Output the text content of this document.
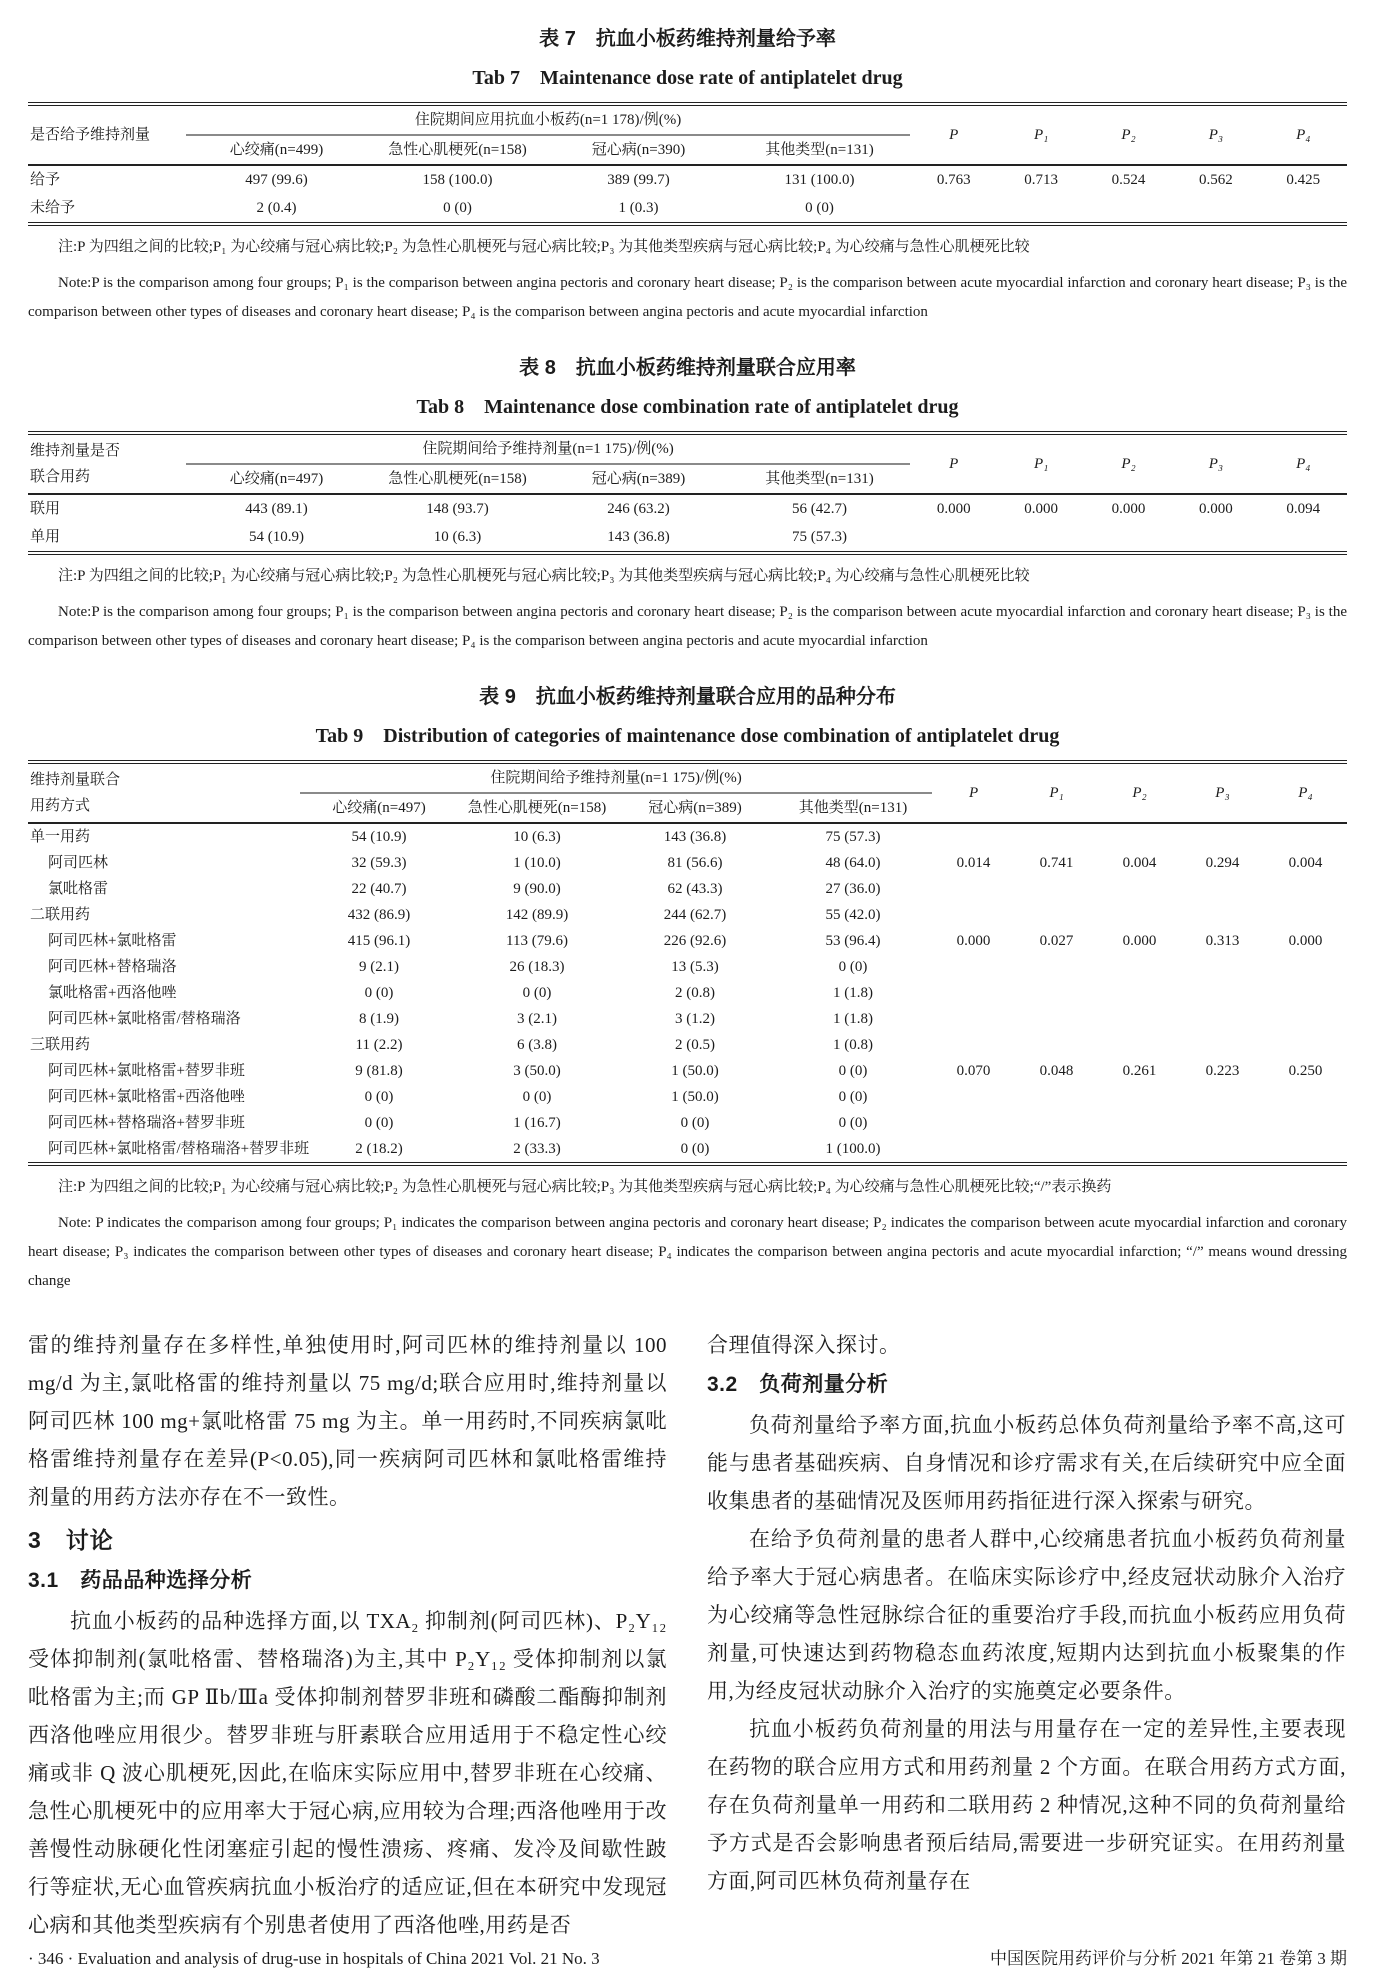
表 7　抗血小板药维持剂量给予率
Tab 7　Maintenance dose rate of antiplatelet drug
是否给予维持剂量	住院期间应用抗血小板药(n=1 178)/例(%)				P	P₁	P₂	P₃	P₄
	心绞痛(n=499)	急性心肌梗死(n=158)	冠心病(n=390)	其他类型(n=131)					
给予	497 (99.6)	158 (100.0)	389 (99.7)	131 (100.0)	0.763	0.713	0.524	0.562	0.425
未给予	2 (0.4)	0 (0)	1 (0.3)	0 (0)					

注:P 为四组之间的比较;P₁ 为心绞痛与冠心病比较;P₂ 为急性心肌梗死与冠心病比较;P₃ 为其他类型疾病与冠心病比较;P₄ 为心绞痛与急性心肌梗死比较

Note:P is the comparison among four groups; P₁ is the comparison between angina pectoris and coronary heart disease; P₂ is the comparison between acute myocardial infarction and coronary heart disease; P₃ is the comparison between other types of diseases and coronary heart disease; P₄ is the comparison between angina pectoris and acute myocardial infarction

表 8　抗血小板药维持剂量联合应用率
Tab 8　Maintenance dose combination rate of antiplatelet drug
维持剂量是否
联合用药	住院期间给予维持剂量(n=1 175)/例(%)				P	P₁	P₂	P₃	P₄
	心绞痛(n=497)	急性心肌梗死(n=158)	冠心病(n=389)	其他类型(n=131)					
联用	443 (89.1)	148 (93.7)	246 (63.2)	56 (42.7)	0.000	0.000	0.000	0.000	0.094
单用	54 (10.9)	10 (6.3)	143 (36.8)	75 (57.3)					

注:P 为四组之间的比较;P₁ 为心绞痛与冠心病比较;P₂ 为急性心肌梗死与冠心病比较;P₃ 为其他类型疾病与冠心病比较;P₄ 为心绞痛与急性心肌梗死比较

Note:P is the comparison among four groups; P₁ is the comparison between angina pectoris and coronary heart disease; P₂ is the comparison between acute myocardial infarction and coronary heart disease; P₃ is the comparison between other types of diseases and coronary heart disease; P₄ is the comparison between angina pectoris and acute myocardial infarction

表 9　抗血小板药维持剂量联合应用的品种分布
Tab 9　Distribution of categories of maintenance dose combination of antiplatelet drug
维持剂量联合
用药方式	住院期间给予维持剂量(n=1 175)/例(%)				P	P₁	P₂	P₃	P₄
	心绞痛(n=497)	急性心肌梗死(n=158)	冠心病(n=389)	其他类型(n=131)					
单一用药	54 (10.9)	10 (6.3)	143 (36.8)	75 (57.3)					
阿司匹林	32 (59.3)	1 (10.0)	81 (56.6)	48 (64.0)	0.014	0.741	0.004	0.294	0.004
氯吡格雷	22 (40.7)	9 (90.0)	62 (43.3)	27 (36.0)					
二联用药	432 (86.9)	142 (89.9)	244 (62.7)	55 (42.0)					
阿司匹林+氯吡格雷	415 (96.1)	113 (79.6)	226 (92.6)	53 (96.4)	0.000	0.027	0.000	0.313	0.000
阿司匹林+替格瑞洛	9 (2.1)	26 (18.3)	13 (5.3)	0 (0)					
氯吡格雷+西洛他唑	0 (0)	0 (0)	2 (0.8)	1 (1.8)					
阿司匹林+氯吡格雷/替格瑞洛	8 (1.9)	3 (2.1)	3 (1.2)	1 (1.8)					
三联用药	11 (2.2)	6 (3.8)	2 (0.5)	1 (0.8)					
阿司匹林+氯吡格雷+替罗非班	9 (81.8)	3 (50.0)	1 (50.0)	0 (0)	0.070	0.048	0.261	0.223	0.250
阿司匹林+氯吡格雷+西洛他唑	0 (0)	0 (0)	1 (50.0)	0 (0)					
阿司匹林+替格瑞洛+替罗非班	0 (0)	1 (16.7)	0 (0)	0 (0)					
阿司匹林+氯吡格雷/替格瑞洛+替罗非班	2 (18.2)	2 (33.3)	0 (0)	1 (100.0)					

注:P 为四组之间的比较;P₁ 为心绞痛与冠心病比较;P₂ 为急性心肌梗死与冠心病比较;P₃ 为其他类型疾病与冠心病比较;P₄ 为心绞痛与急性心肌梗死比较;“/”表示换药

Note: P indicates the comparison among four groups; P₁ indicates the comparison between angina pectoris and coronary heart disease; P₂ indicates the comparison between acute myocardial infarction and coronary heart disease; P₃ indicates the comparison between other types of diseases and coronary heart disease; P₄ indicates the comparison between angina pectoris and acute myocardial infarction; “/” means wound dressing change

雷的维持剂量存在多样性,单独使用时,阿司匹林的维持剂量以 100 mg/d 为主,氯吡格雷的维持剂量以 75 mg/d;联合应用时,维持剂量以阿司匹林 100 mg+氯吡格雷 75 mg 为主。单一用药时,不同疾病氯吡格雷维持剂量存在差异(P<0.05),同一疾病阿司匹林和氯吡格雷维持剂量的用药方法亦存在不一致性。

3　讨论
3.1　药品品种选择分析

抗血小板药的品种选择方面,以 TXA₂ 抑制剂(阿司匹林)、P₂Y₁₂ 受体抑制剂(氯吡格雷、替格瑞洛)为主,其中 P₂Y₁₂ 受体抑制剂以氯吡格雷为主;而 GP Ⅱb/Ⅲa 受体抑制剂替罗非班和磷酸二酯酶抑制剂西洛他唑应用很少。替罗非班与肝素联合应用适用于不稳定性心绞痛或非 Q 波心肌梗死,因此,在临床实际应用中,替罗非班在心绞痛、急性心肌梗死中的应用率大于冠心病,应用较为合理;西洛他唑用于改善慢性动脉硬化性闭塞症引起的慢性溃疡、疼痛、发冷及间歇性跛行等症状,无心血管疾病抗血小板治疗的适应证,但在本研究中发现冠心病和其他类型疾病有个别患者使用了西洛他唑,用药是否

合理值得深入探讨。

3.2　负荷剂量分析

负荷剂量给予率方面,抗血小板药总体负荷剂量给予率不高,这可能与患者基础疾病、自身情况和诊疗需求有关,在后续研究中应全面收集患者的基础情况及医师用药指征进行深入探索与研究。

在给予负荷剂量的患者人群中,心绞痛患者抗血小板药负荷剂量给予率大于冠心病患者。在临床实际诊疗中,经皮冠状动脉介入治疗为心绞痛等急性冠脉综合征的重要治疗手段,而抗血小板药应用负荷剂量,可快速达到药物稳态血药浓度,短期内达到抗血小板聚集的作用,为经皮冠状动脉介入治疗的实施奠定必要条件。

抗血小板药负荷剂量的用法与用量存在一定的差异性,主要表现在药物的联合应用方式和用药剂量 2 个方面。在联合用药方式方面,存在负荷剂量单一用药和二联用药 2 种情况,这种不同的负荷剂量给予方式是否会影响患者预后结局,需要进一步研究证实。在用药剂量方面,阿司匹林负荷剂量存在

· 346 · Evaluation and analysis of drug-use in hospitals of China 2021 Vol. 21 No. 3	中国医院用药评价与分析 2021 年第 21 卷第 3 期
